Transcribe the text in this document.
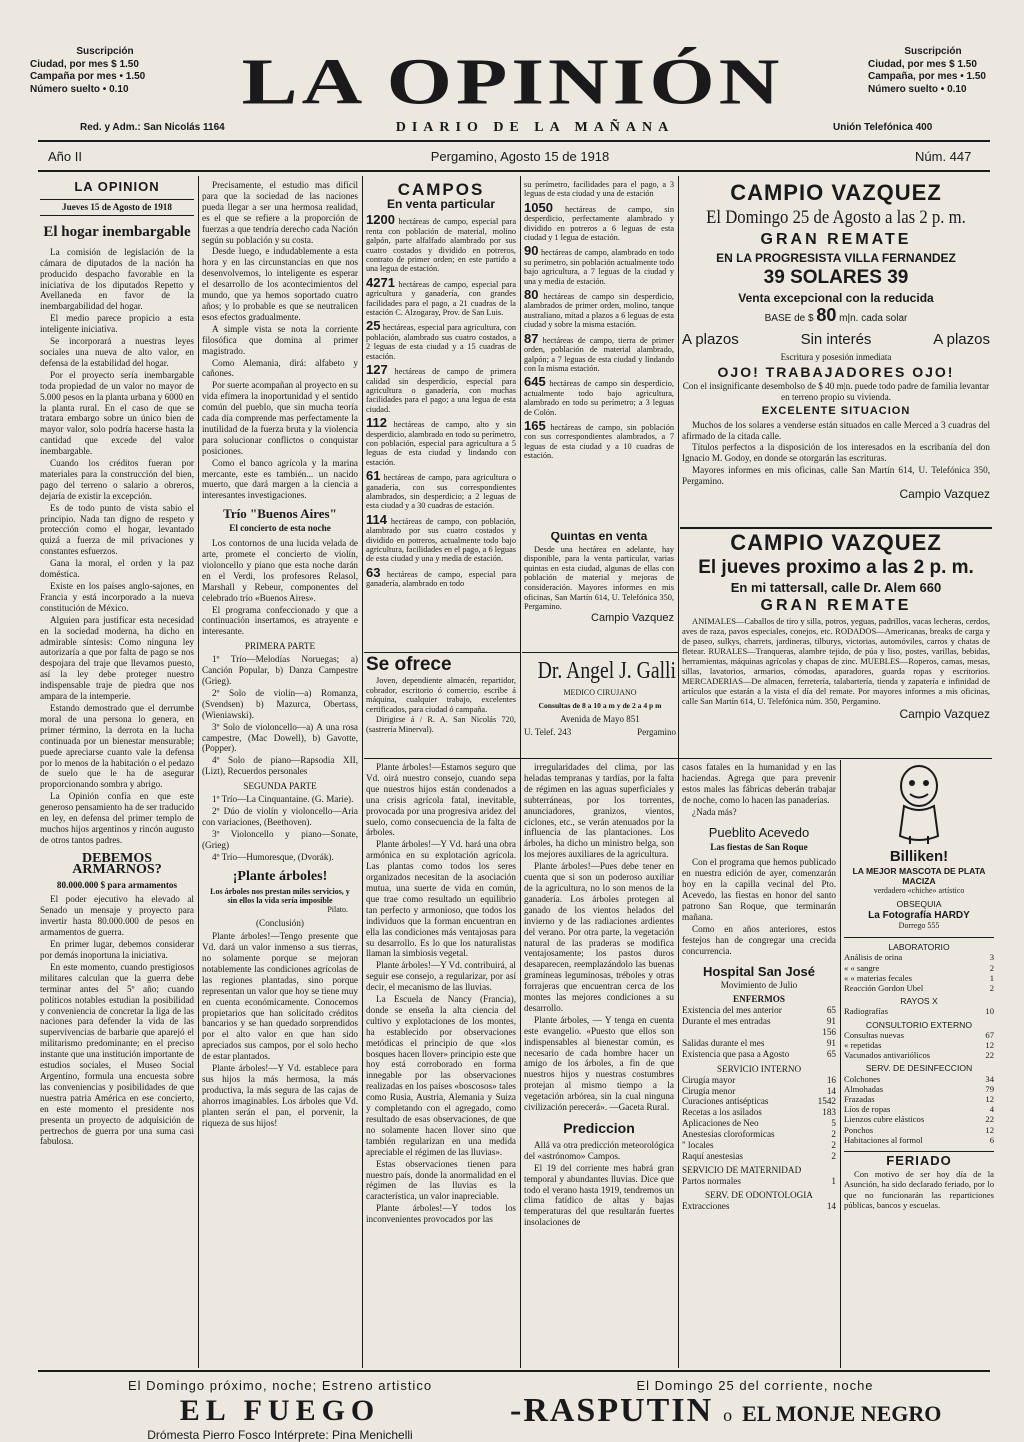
Suscripción
Ciudad, por mes $ 1.50
Campaña por mes • 1.50
Número suelto • 0.10
Red. y Adm.: San Nicolás 1164
LA OPINIÓN
DIARIO DE LA MAÑANA
Suscripción
Ciudad, por mes $ 1.50
Campaña, por mes • 1.50
Número suelto • 0.10
Unión Telefónica 400
Año II	Pergamino, Agosto 15 de 1918	Núm. 447
LA OPINION
Jueves 15 de Agosto de 1918
El hogar inembargable

La comisión de legislación de la cámara de diputados de la nación ha producido despacho favorable en la iniciativa de los diputados Repetto y Avellaneda en favor de la inembargabilidad del hogar.

El medio parece propicio a esta inteligente iniciativa.

Se incorporará a nuestras leyes sociales una nueva de alto valor, en defensa de la estabilidad del hogar.

Por el proyecto sería inembargable toda propiedad de un valor no mayor de 5.000 pesos en la planta urbana y 6000 en la planta rural. En el caso de que se tratara embargo sobre un único bien de mayor valor, solo podría hacerse hasta la cantidad que excede del valor inembargable.

Cuando los créditos fueran por materiales para la construcción del bien, pago del terreno o salario a obreros, dejaría de existir la excepción.

Es de todo punto de vista sabio el principio. Nada tan digno de respeto y protección como el hogar, levantado quizá a fuerza de mil privaciones y constantes esfuerzos.

Gana la moral, el orden y la paz doméstica.

Existe en los países anglo-sajones, en Francia y está incorporado a la nueva constitución de México.

Alguien para justificar esta necesidad en la sociedad moderna, ha dicho en admirable síntesis: Como ninguna ley autorizaría a que por falta de pago se nos despojara del traje que llevamos puesto, así la ley debe proteger nuestro indispensable traje de piedra que nos ampara de la intemperie.

Estando demostrado que el derrumbe moral de una persona lo genera, en primer término, la derrota en la lucha continuada por un bienestar mensurable; puede apreciarse cuanto vale la defensa por lo menos de la habitación o el pedazo de suelo que le ha de asegurar proporcionando sombra y abrigo.

La Opinión confía en que este generoso pensamiento ha de ser traducido en ley, en defensa del primer templo de muchos hijos argentinos y rincón augusto de otros tantos padres.

DEBEMOS ARMARNOS?
80.000.000 $ para armamentos

El poder ejecutivo ha elevado al Senado un mensaje y proyecto para invertir hasta 80.000.000 de pesos en armamentos de guerra.

En primer lugar, debemos considerar por demás inoportuna la iniciativa.

En este momento, cuando prestigiosos militares calculan que la guerra debe terminar antes del 5º año; cuando políticos notables estudian la posibilidad y conveniencia de concretar la liga de las naciones para defender la vida de las supervivencias de barbarie que aparejó el militarismo predominante; en el preciso instante que una institución importante de estudios sociales, el Museo Social Argentino, formula una encuesta sobre las conveniencias y posibilidades de que nuestra patria América en ese concierto, en este momento el presidente nos presenta un proyecto de adquisición de pertrechos de guerra por una suma casi fabulosa.

Precisamente, el estudio mas difícil para que la sociedad de las naciones pueda llegar a ser una hermosa realidad, es el que se refiere a la proporción de fuerzas a que tendría derecho cada Nación según su población y su costa.

Desde luego, e indudablemente a esta hora y en las circunstancias en que nos desenvolvemos, lo inteligente es esperar el desarrollo de los acontecimientos del mundo, que ya hemos soportado cuatro años; y lo probable es que se neutralicen esos efectos gradualmente.

A simple vista se nota la corriente filosófica que domina al primer magistrado.

Como Alemania, dirá: alfabeto y cañones.

Por suerte acompañan al proyecto en su vida efímera la inoportunidad y el sentido común del pueblo, que sin mucha teoría cada día comprende mas perfectamente la inutilidad de la fuerza bruta y la violencia para solucionar conflictos o conquistar posiciones.

Como el banco agrícola y la marina mercante, este es también... un nacido muerto, que dará margen a la ciencia a interesantes investigaciones.

Trío "Buenos Aires"
El concierto de esta noche

Los contornos de una lucida velada de arte, promete el concierto de violín, violoncello y piano que esta noche darán en el Verdi, los profesores Relasol, Marshall y Rebeur, componentes del celebrado trío «Buenos Aires».

El programa confeccionado y que a continuación insertamos, es atrayente e interesante.

PRIMERA PARTE

1º Trío—Melodías Noruegas; a) Canción Popular, b) Danza Campestre (Grieg).

2º Solo de violín—a) Romanza, (Svendsen) b) Mazurca, Obertass, (Wieniawski).

3º Solo de violoncello—a) A una rosa campestre, (Mac Dowell), b) Gavotte, (Popper).

4º Solo de piano—Rapsodia XII, (Lizt), Recuerdos personales

SEGUNDA PARTE

1º Trío—La Cinquantaine. (G. Marie).

2º Dúo de violín y violoncello—Aria con variaciones, (Beethoven).

3º Violoncello y piano—Sonate, (Grieg)

4º Trío—Humoresque, (Dvorák).

¡Plante árboles!
Los árboles nos prestan miles servicios, y sin ellos la vida sería imposible
Pilato.
(Conclusión)

Plante árboles!—Tengo presente que Vd. dará un valor inmenso a sus tierras, no solamente porque se mejoran notablemente las condiciones agrícolas de las regiones plantadas, sino porque representan un valor que hoy se tiene muy en cuenta económicamente. Conocemos propietarios que han solicitado créditos bancarios y se han quedado sorprendidos por el alto valor en que han sido apreciados sus campos, por el solo hecho de estar plantados.

Plante árboles!—Y Vd. establece para sus hijos la más hermosa, la más productiva, la más segura de las cajas de ahorros imaginables. Los árboles que Vd. planten serán el pan, el porvenir, la riqueza de sus hijos!

CAMPOS
En venta particular

1200 hectáreas de campo, especial para renta con población de material, molino galpón, parte alfalfado alambrado por sus cuatro costados y dividido en potreros, contrato de primer orden; en este partido a una legua de estación.

4271 hectáreas de campo, especial para agricultura y ganadería, con grandes facilidades para el pago, a 21 cuadras de la estación C. Alzogaray, Prov. de San Luis.

25 hectáreas, especial para agricultura, con población, alambrado sus cuatro costados, a 2 leguas de esta ciudad y a 15 cuadras de estación.

127 hectáreas de campo de primera calidad sin desperdicio, especial para agricultura o ganadería, con muchas facilidades para el pago; a una legua de esta ciudad.

112 hectáreas de campo, alto y sin desperdicio, alambrado en todo su perímetro, con población, especial para agricultura a 5 leguas de esta ciudad y lindando con estación.

61 hectáreas de campo, para agricultura o ganadería, con sus correspondientes alambrados, sin desperdicio; a 2 leguas de esta ciudad y a 30 cuadras de estación.

114 hectáreas de campo, con población, alambrado por sus cuatro costados y dividido en potreros, actualmente todo bajo agricultura, facilidades en el pago, a 6 leguas de esta ciudad y una y media de estación.

63 hectáreas de campo, especial para ganadería, alambrado en todo

Se ofrece

Joven, dependiente almacén, repartidor, cobrador, escritorio ó comercio, escribe á máquina, cualquier trabajo, excelentes certificados, para ciudad ó campaña.

Dirigirse á / R. A. San Nicolás 720, (sastrería Minerval).

su perímetro, facilidades para el pago, a 3 leguas de esta ciudad y una de estación

1050 hectáreas de campo, sin desperdicio, perfectamente alambrado y dividido en potreros a 6 leguas de esta ciudad y 1 legua de estación.

90 hectáreas de campo, alambrado en todo su perímetro, sin población actualmente todo bajo agricultura, a 7 leguas de la ciudad y una y media de estación.

80 hectáreas de campo sin desperdicio, alambrados de primer orden, molino, tanque australiano, mitad a plazos a 6 leguas de esta ciudad y sobre la misma estación.

87 hectáreas de campo, tierra de primer orden, población de material alambrado, galpón; a 7 leguas de esta ciudad y lindando con la misma estación.

645 hectáreas de campo sin desperdicio, actualmente todo bajo agricultura, alambrado en todo su perímetro; a 3 leguas de Colón.

165 hectáreas de campo, sin población con sus correspondientes alambrados, a 7 leguas de esta ciudad y a 10 cuadras de estación.

Quintas en venta

Desde una hectárea en adelante, hay disponible, para la venta particular, varias quintas en esta ciudad, algunas de ellas con población de material y mejoras de consideración. Mayores informes en mis oficinas, San Martín 614, U. Telefónica 350, Pergamino.

Campio Vazquez
Dr. Angel J. Galli
MEDICO CIRUJANO
Consultas de 8 a 10 a m y de 2 a 4 p m
Avenida de Mayo 851
U. Telef. 243	Pergamino
CAMPIO VAZQUEZ
El Domingo 25 de Agosto a las 2 p. m.
GRAN REMATE
EN LA PROGRESISTA VILLA FERNANDEZ
39 SOLARES 39
Venta excepcional con la reducida
BASE de $ 80 m|n. cada solar
A plazos	Sin interés	A plazos
Escritura y posesión inmediata
OJO! TRABAJADORES OJO!

Con el insignificante desembolso de $ 40 m|n. puede todo padre de familia levantar en terreno propio su vivienda.

EXCELENTE SITUACION

Muchos de los solares a venderse están situados en calle Merced a 3 cuadras del afirmado de la citada calle.

Títulos perfectos a la disposición de los interesados en la escribanía del don Ignacio M. Godoy, en donde se otorgarán las escrituras.

Mayores informes en mis oficinas, calle San Martín 614, U. Telefónica 350, Pergamino.

Campio Vazquez
CAMPIO VAZQUEZ
El jueves proximo a las 2 p. m.
En mi tattersall, calle Dr. Alem 660
GRAN REMATE

ANIMALES—Caballos de tiro y silla, potros, yeguas, padrillos, vacas lecheras, cerdos, aves de raza, pavos especiales, conejos, etc. RODADOS—Americanas, breaks de carga y de paseo, sulkys, charrets, jardineras, tilburys, victorias, automóviles, carros y chatas de fletear. RURALES—Tranqueras, alambre tejido, de púa y liso, postes, varillas, bebidas, herramientas, máquinas agrícolas y chapas de zinc. MUEBLES—Roperos, camas, mesas, sillas, lavatorios, armarios, cómodas, aparadores, guarda ropas y escritorios. MERCADERIAS—De almacen, ferretería, talabartería, tienda y zapatería e infinidad de artículos que estarán a la vista el día del remate. Por mayores informes a mis oficinas, calle San Martín 614, U. Telefónica núm. 350, Pergamino.

Campio Vazquez

Plante árboles!—Estamos seguro que Vd. oirá nuestro consejo, cuando sepa que nuestros hijos están condenados a una crisis agrícola fatal, inevitable, provocada por una progresiva aridez del suelo, como consecuencia de la falta de árboles.

Plante árboles!—Y Vd. hará una obra armónica en su explotación agrícola. Las plantas como todos los seres organizados necesitan de la asociación mutua, una suerte de vida en común, que trae como resultado un equilibrio tan perfecto y armonioso, que todos los individuos que la forman encuentran en ella las condiciones más ventajosas para su desarrollo. Es lo que los naturalistas llaman la simbiosis vegetal.

Plante árboles!—Y Vd. contribuirá, al seguir ese consejo, a regularizar, por así decir, el mecanismo de las lluvias.

La Escuela de Nancy (Francia), donde se enseña la alta ciencia del cultivo y explotaciones de los montes, ha establecido por observaciones metódicas el principio de que «los bosques hacen llover» principio este que hoy está corroborado en forma innegable por las observaciones realizadas en los países «boscosos» tales como Rusia, Austria, Alemania y Suiza y completando con el agregado, como resultado de esas observaciones, de que no solamente hacen llover sino que también regularizan en una medida apreciable el régimen de las lluvias».

Estas observaciones tienen para nuestro país, donde la anormalidad en el régimen de las lluvias es la característica, un valor inapreciable.

Plante árboles!—Y todos los inconvenientes provocados por las

irregularidades del clima, por las heladas tempranas y tardías, por la falta de régimen en las aguas superficiales y subterráneas, por los torrentes, anunciadores, granizos, vientos, ciclones, etc., se verán atenuados por la influencia de las plantaciones. Los árboles, ha dicho un ministro belga, son los mejores auxiliares de la agricultura.

Plante árboles!—Pues debe tener en cuenta que si son un poderoso auxiliar de la agricultura, no lo son menos de la ganadería. Los árboles protegen al ganado de los vientos helados del invierno y de las radiaciones ardientes del verano. Por otra parte, la vegetación natural de las praderas se modifica ventajosamente; los pastos duros desaparecen, reemplazándolo las buenas gramíneas leguminosas, tréboles y otras forrajeras que encuentran cerca de los montes las mejores condiciones a su desarrollo.

Plante árboles, — Y tenga en cuenta este evangelio. «Puesto que ellos son indispensables al bienestar común, es necesario de cada hombre hacer un amigo de los árboles, a fin de que nuestros hijos y nuestras costumbres protejan al mismo tiempo a la vegetación arbórea, sin la cual ninguna civilización perecerá». —Gaceta Rural.

Prediccion

Allá va otra predicción meteorológica del «astrónomo» Campos.

El 19 del corriente mes habrá gran temporal y abundantes lluvias. Dice que todo el verano hasta 1919, tendremos un clima fatídico de altas y bajas temperaturas del que resultarán fuertes insolaciones de

casos fatales en la humanidad y en las haciendas. Agrega que para prevenir estos males las fábricas deberán trabajar de noche, como lo hacen las panaderías.

¿Nada más?

Pueblito Acevedo
Las fiestas de San Roque

Con el programa que hemos publicado en nuestra edición de ayer, comenzarán hoy en la capilla vecinal del Pto. Acevedo, las fiestas en honor del santo patrono San Roque, que terminarán mañana.

Como en años anteriores, estos festejos han de congregar una crecida concurrencia.

Hospital San José
Movimiento de Julio
ENFERMOS
Existencia del mes anterior	65
Durante el mes entradas	91
156
Salidas durante el mes	91
Existencia que pasa a Agosto	65
SERVICIO INTERNO
Cirugía mayor	16
Cirugía menor	14
Curaciones antisépticas	1542
Recetas a los asilados	183
Aplicaciones de Neo	5
Anestesias cloroformicas	2
" locales	2
Raquí anestesias	2
SERVICIO DE MATERNIDAD
Partos normales	1
SERV. DE ODONTOLOGIA
Extracciones	14
Billiken!
LA MEJOR MASCOTA DE PLATA MACIZA
verdadero «chiche» artístico
OBSEQUIA
La Fotografía HARDY
Dorrego 555
LABORATORIO
Análisis de orina	3
« « sangre	2
« « materias fecales	1
Reacción Gordon Ubel	2
RAYOS X
Radiografías	10
CONSULTORIO EXTERNO
Consultas nuevas	67
« repetidas	12
Vacunados antivariólicos	22
SERV. DE DESINFECCION
Colchones	34
Almohadas	79
Frazadas	12
Líos de ropas	4
Lienzos cubre elásticos	22
Ponchos	12
Habitaciones al formol	6
FERIADO

Con motivo de ser hoy día de la Asunción, ha sido declarado feriado, por lo que no funcionarán las reparticiones públicas, bancos y escuelas.

El Domingo próximo, noche; Estreno artistico
EL FUEGO
Drómesta Pierro Fosco Intérprete: Pina Menichelli
El Domingo 25 del corriente, noche
-RASPUTIN o EL MONJE NEGRO
